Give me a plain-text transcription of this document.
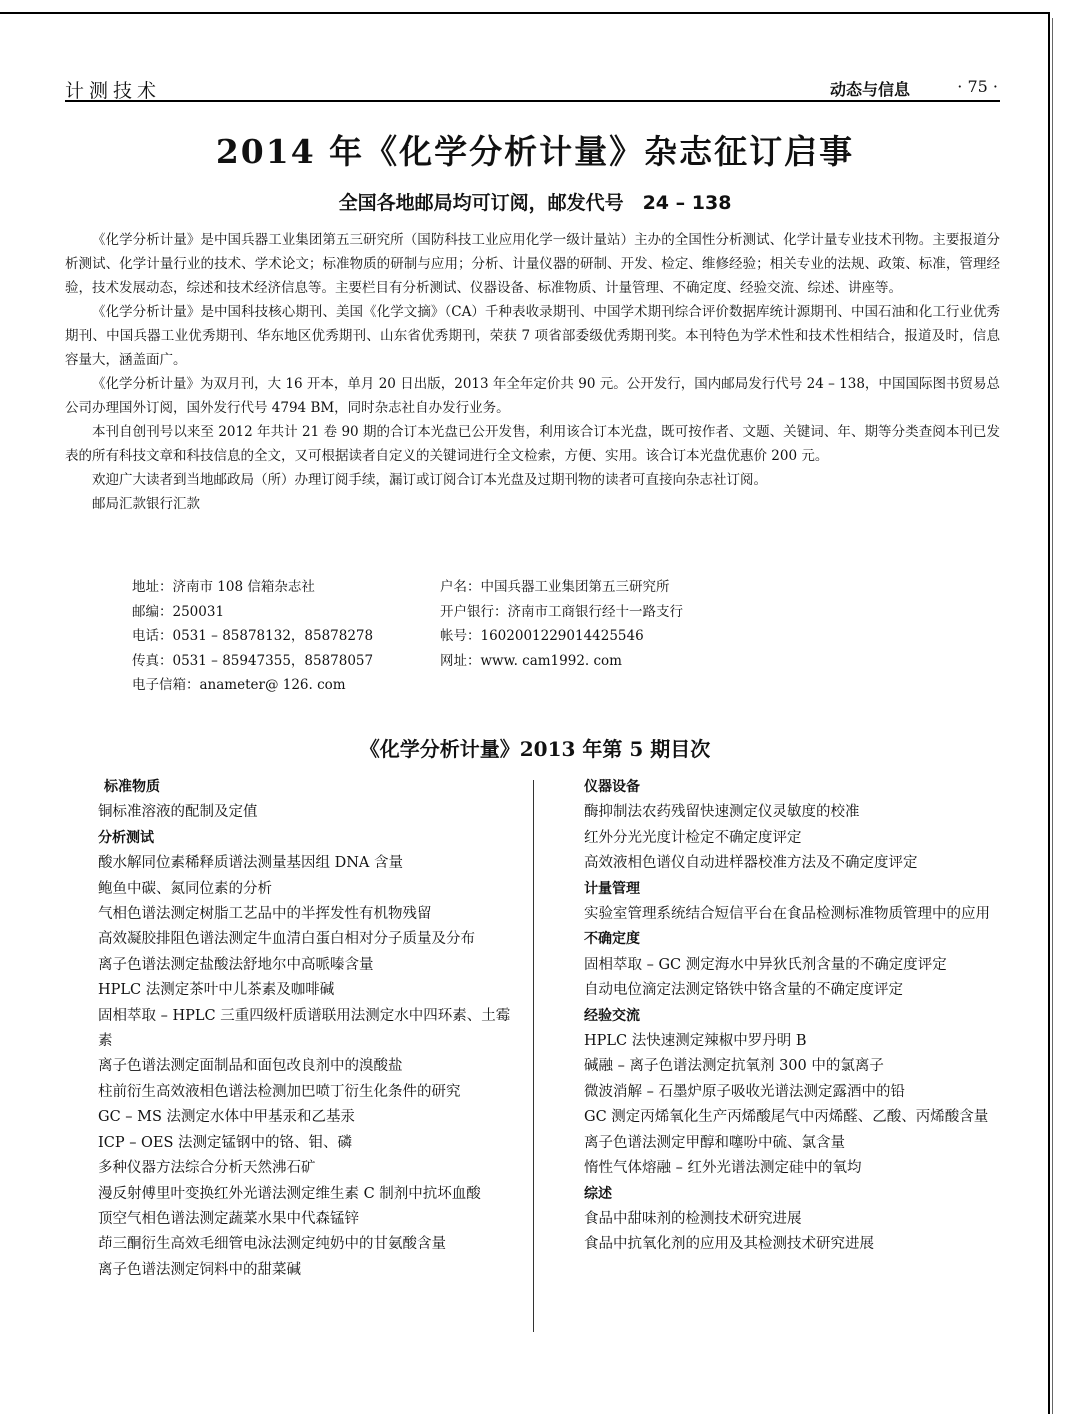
计测技术	动态与信息	· 75 ·
2014 年《化学分析计量》杂志征订启事
全国各地邮局均可订阅，邮发代号　24 – 138

《化学分析计量》是中国兵器工业集团第五三研究所（国防科技工业应用化学一级计量站）主办的全国性分析测试、化学计量专业技术刊物。主要报道分析测试、化学计量行业的技术、学术论文；标准物质的研制与应用；分析、计量仪器的研制、开发、检定、维修经验；相关专业的法规、政策、标准，管理经验，技术发展动态，综述和技术经济信息等。主要栏目有分析测试、仪器设备、标准物质、计量管理、不确定度、经验交流、综述、讲座等。

《化学分析计量》是中国科技核心期刊、美国《化学文摘》（CA）千种表收录期刊、中国学术期刊综合评价数据库统计源期刊、中国石油和化工行业优秀期刊、中国兵器工业优秀期刊、华东地区优秀期刊、山东省优秀期刊，荣获 7 项省部委级优秀期刊奖。本刊特色为学术性和技术性相结合，报道及时，信息容量大，涵盖面广。

《化学分析计量》为双月刊，大 16 开本，单月 20 日出版，2013 年全年定价共 90 元。公开发行，国内邮局发行代号 24 – 138，中国国际图书贸易总公司办理国外订阅，国外发行代号 4794 BM，同时杂志社自办发行业务。

本刊自创刊号以来至 2012 年共计 21 卷 90 期的合订本光盘已公开发售，利用该合订本光盘，既可按作者、文题、关键词、年、期等分类查阅本刊已发表的所有科技文章和科技信息的全文，又可根据读者自定义的关键词进行全文检索，方便、实用。该合订本光盘优惠价 200 元。

欢迎广大读者到当地邮政局（所）办理订阅手续，漏订或订阅合订本光盘及过期刊物的读者可直接向杂志社订阅。

邮局汇款银行汇款

地址：济南市 108 信箱杂志社
邮编：250031
电话：0531 – 85878132，85878278
传真：0531 – 85947355，85878057
电子信箱：anameter@ 126. com
户名：中国兵器工业集团第五三研究所
开户银行：济南市工商银行经十一路支行
帐号：1602001229014425546
网址：www. cam1992. com
《化学分析计量》2013 年第 5 期目次
标准物质
铜标准溶液的配制及定值
分析测试
酸水解同位素稀释质谱法测量基因组 DNA 含量
鲍鱼中碳、氮同位素的分析
气相色谱法测定树脂工艺品中的半挥发性有机物残留
高效凝胶排阻色谱法测定牛血清白蛋白相对分子质量及分布
离子色谱法测定盐酸法舒地尔中高哌嗪含量
HPLC 法测定茶叶中儿茶素及咖啡碱
固相萃取 – HPLC 三重四级杆质谱联用法测定水中四环素、土霉素
离子色谱法测定面制品和面包改良剂中的溴酸盐
柱前衍生高效液相色谱法检测加巴喷丁衍生化条件的研究
GC – MS 法测定水体中甲基汞和乙基汞
ICP – OES 法测定锰钢中的铬、钼、磷
多种仪器方法综合分析天然沸石矿
漫反射傅里叶变换红外光谱法测定维生素 C 制剂中抗坏血酸
顶空气相色谱法测定蔬菜水果中代森锰锌
茚三酮衍生高效毛细管电泳法测定纯奶中的甘氨酸含量
离子色谱法测定饲料中的甜菜碱
仪器设备
酶抑制法农药残留快速测定仪灵敏度的校准
红外分光光度计检定不确定度评定
高效液相色谱仪自动进样器校准方法及不确定度评定
计量管理
实验室管理系统结合短信平台在食品检测标准物质管理中的应用
不确定度
固相萃取 – GC 测定海水中异狄氏剂含量的不确定度评定
自动电位滴定法测定铬铁中铬含量的不确定度评定
经验交流
HPLC 法快速测定辣椒中罗丹明 B
碱融 – 离子色谱法测定抗氧剂 300 中的氯离子
微波消解 – 石墨炉原子吸收光谱法测定露酒中的铅
GC 测定丙烯氧化生产丙烯酸尾气中丙烯醛、乙酸、丙烯酸含量
离子色谱法测定甲醇和噻吩中硫、氯含量
惰性气体熔融 – 红外光谱法测定硅中的氧均
综述
食品中甜味剂的检测技术研究进展
食品中抗氧化剂的应用及其检测技术研究进展
